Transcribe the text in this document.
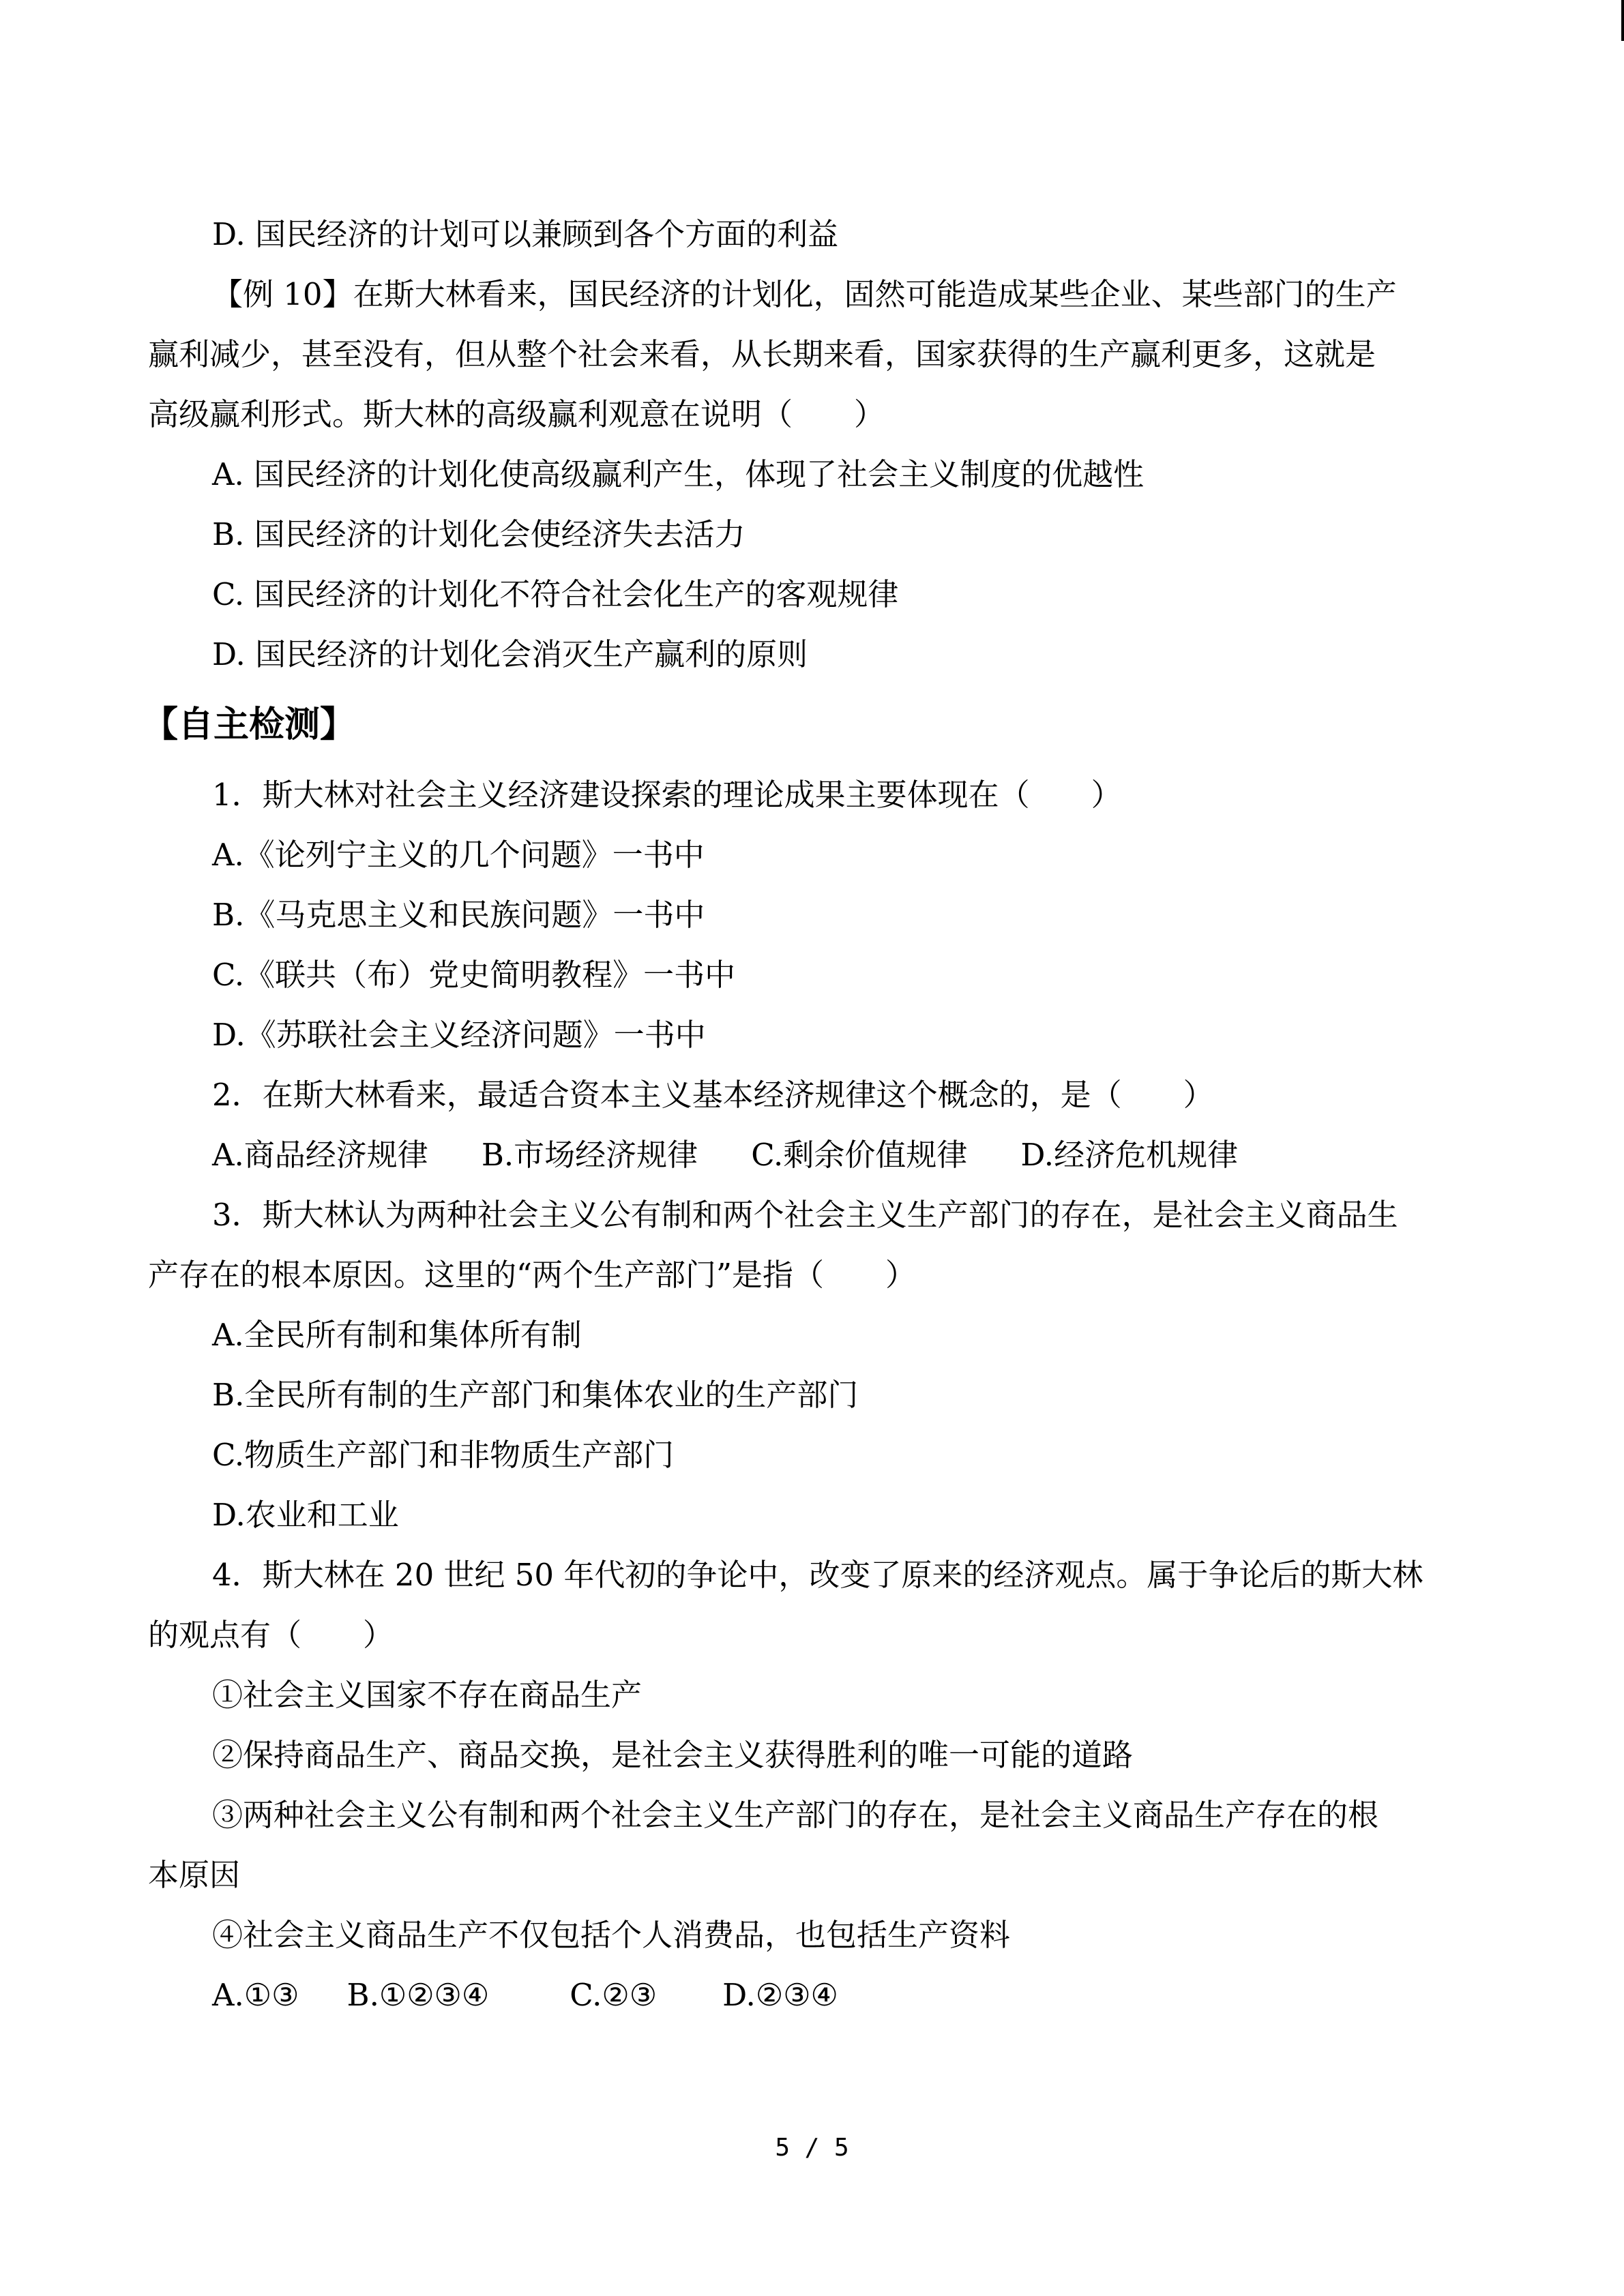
D. 国民经济的计划可以兼顾到各个方面的利益

【例 10】在斯大林看来，国民经济的计划化，固然可能造成某些企业、某些部门的生产

赢利减少，甚至没有，但从整个社会来看，从长期来看，国家获得的生产赢利更多，这就是

高级赢利形式。斯大林的高级赢利观意在说明（　　）

A. 国民经济的计划化使高级赢利产生，体现了社会主义制度的优越性

B. 国民经济的计划化会使经济失去活力

C. 国民经济的计划化不符合社会化生产的客观规律

D. 国民经济的计划化会消灭生产赢利的原则

【自主检测】

1．斯大林对社会主义经济建设探索的理论成果主要体现在（　　）

A.《论列宁主义的几个问题》一书中

B.《马克思主义和民族问题》一书中

C.《联共（布）党史简明教程》一书中

D.《苏联社会主义经济问题》一书中

2．在斯大林看来，最适合资本主义基本经济规律这个概念的，是（　　）

A.商品经济规律 B.市场经济规律 C.剩余价值规律 D.经济危机规律

3．斯大林认为两种社会主义公有制和两个社会主义生产部门的存在，是社会主义商品生

产存在的根本原因。这里的“两个生产部门”是指（　　）

A.全民所有制和集体所有制

B.全民所有制的生产部门和集体农业的生产部门

C.物质生产部门和非物质生产部门

D.农业和工业

4．斯大林在 20 世纪 50 年代初的争论中，改变了原来的经济观点。属于争论后的斯大林

的观点有（　　）

①社会主义国家不存在商品生产

②保持商品生产、商品交换，是社会主义获得胜利的唯一可能的道路

③两种社会主义公有制和两个社会主义生产部门的存在，是社会主义商品生产存在的根

本原因

④社会主义商品生产不仅包括个人消费品，也包括生产资料

A.①③ B.①②③④	C.②③ D.②③④

5 / 5
